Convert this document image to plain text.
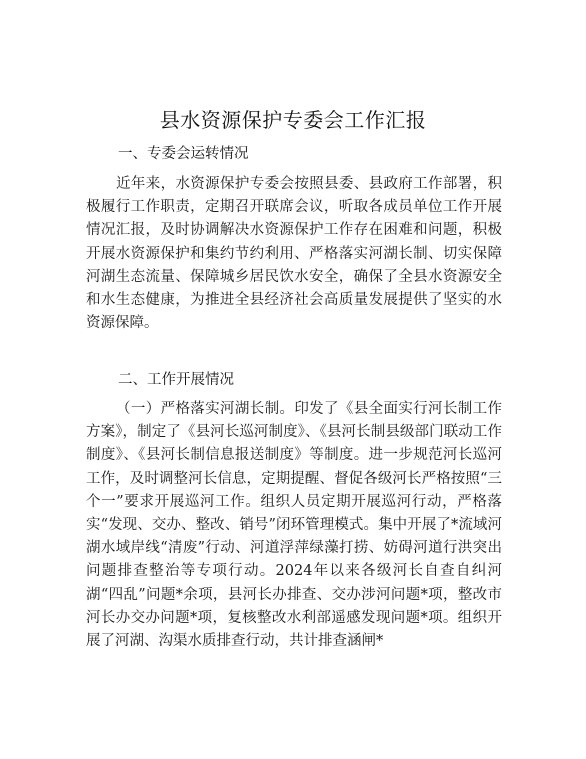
县水资源保护专委会工作汇报
一、专委会运转情况

近年来，水资源保护专委会按照县委、县政府工作部署，积极履行工作职责，定期召开联席会议，听取各成员单位工作开展情况汇报，及时协调解决水资源保护工作存在困难和问题，积极开展水资源保护和集约节约利用、严格落实河湖长制、切实保障河湖生态流量、保障城乡居民饮水安全，确保了全县水资源安全和水生态健康，为推进全县经济社会高质量发展提供了坚实的水资源保障。

二、工作开展情况

（一）严格落实河湖长制。印发了《县全面实行河长制工作方案》，制定了《县河长巡河制度》、《县河长制县级部门联动工作制度》、《县河长制信息报送制度》等制度。进一步规范河长巡河工作，及时调整河长信息，定期提醒、督促各级河长严格按照“三个一”要求开展巡河工作。组织人员定期开展巡河行动，严格落实“发现、交办、整改、销号”闭环管理模式。集中开展了*流域河湖水域岸线“清废”行动、河道浮萍绿藻打捞、妨碍河道行洪突出问题排查整治等专项行动。2024年以来各级河长自查自纠河湖“四乱”问题*余项，县河长办排查、交办涉河问题*项，整改市河长办交办问题*项，复核整改水利部遥感发现问题*项。组织开展了河湖、沟渠水质排查行动，共计排查涵闸*
